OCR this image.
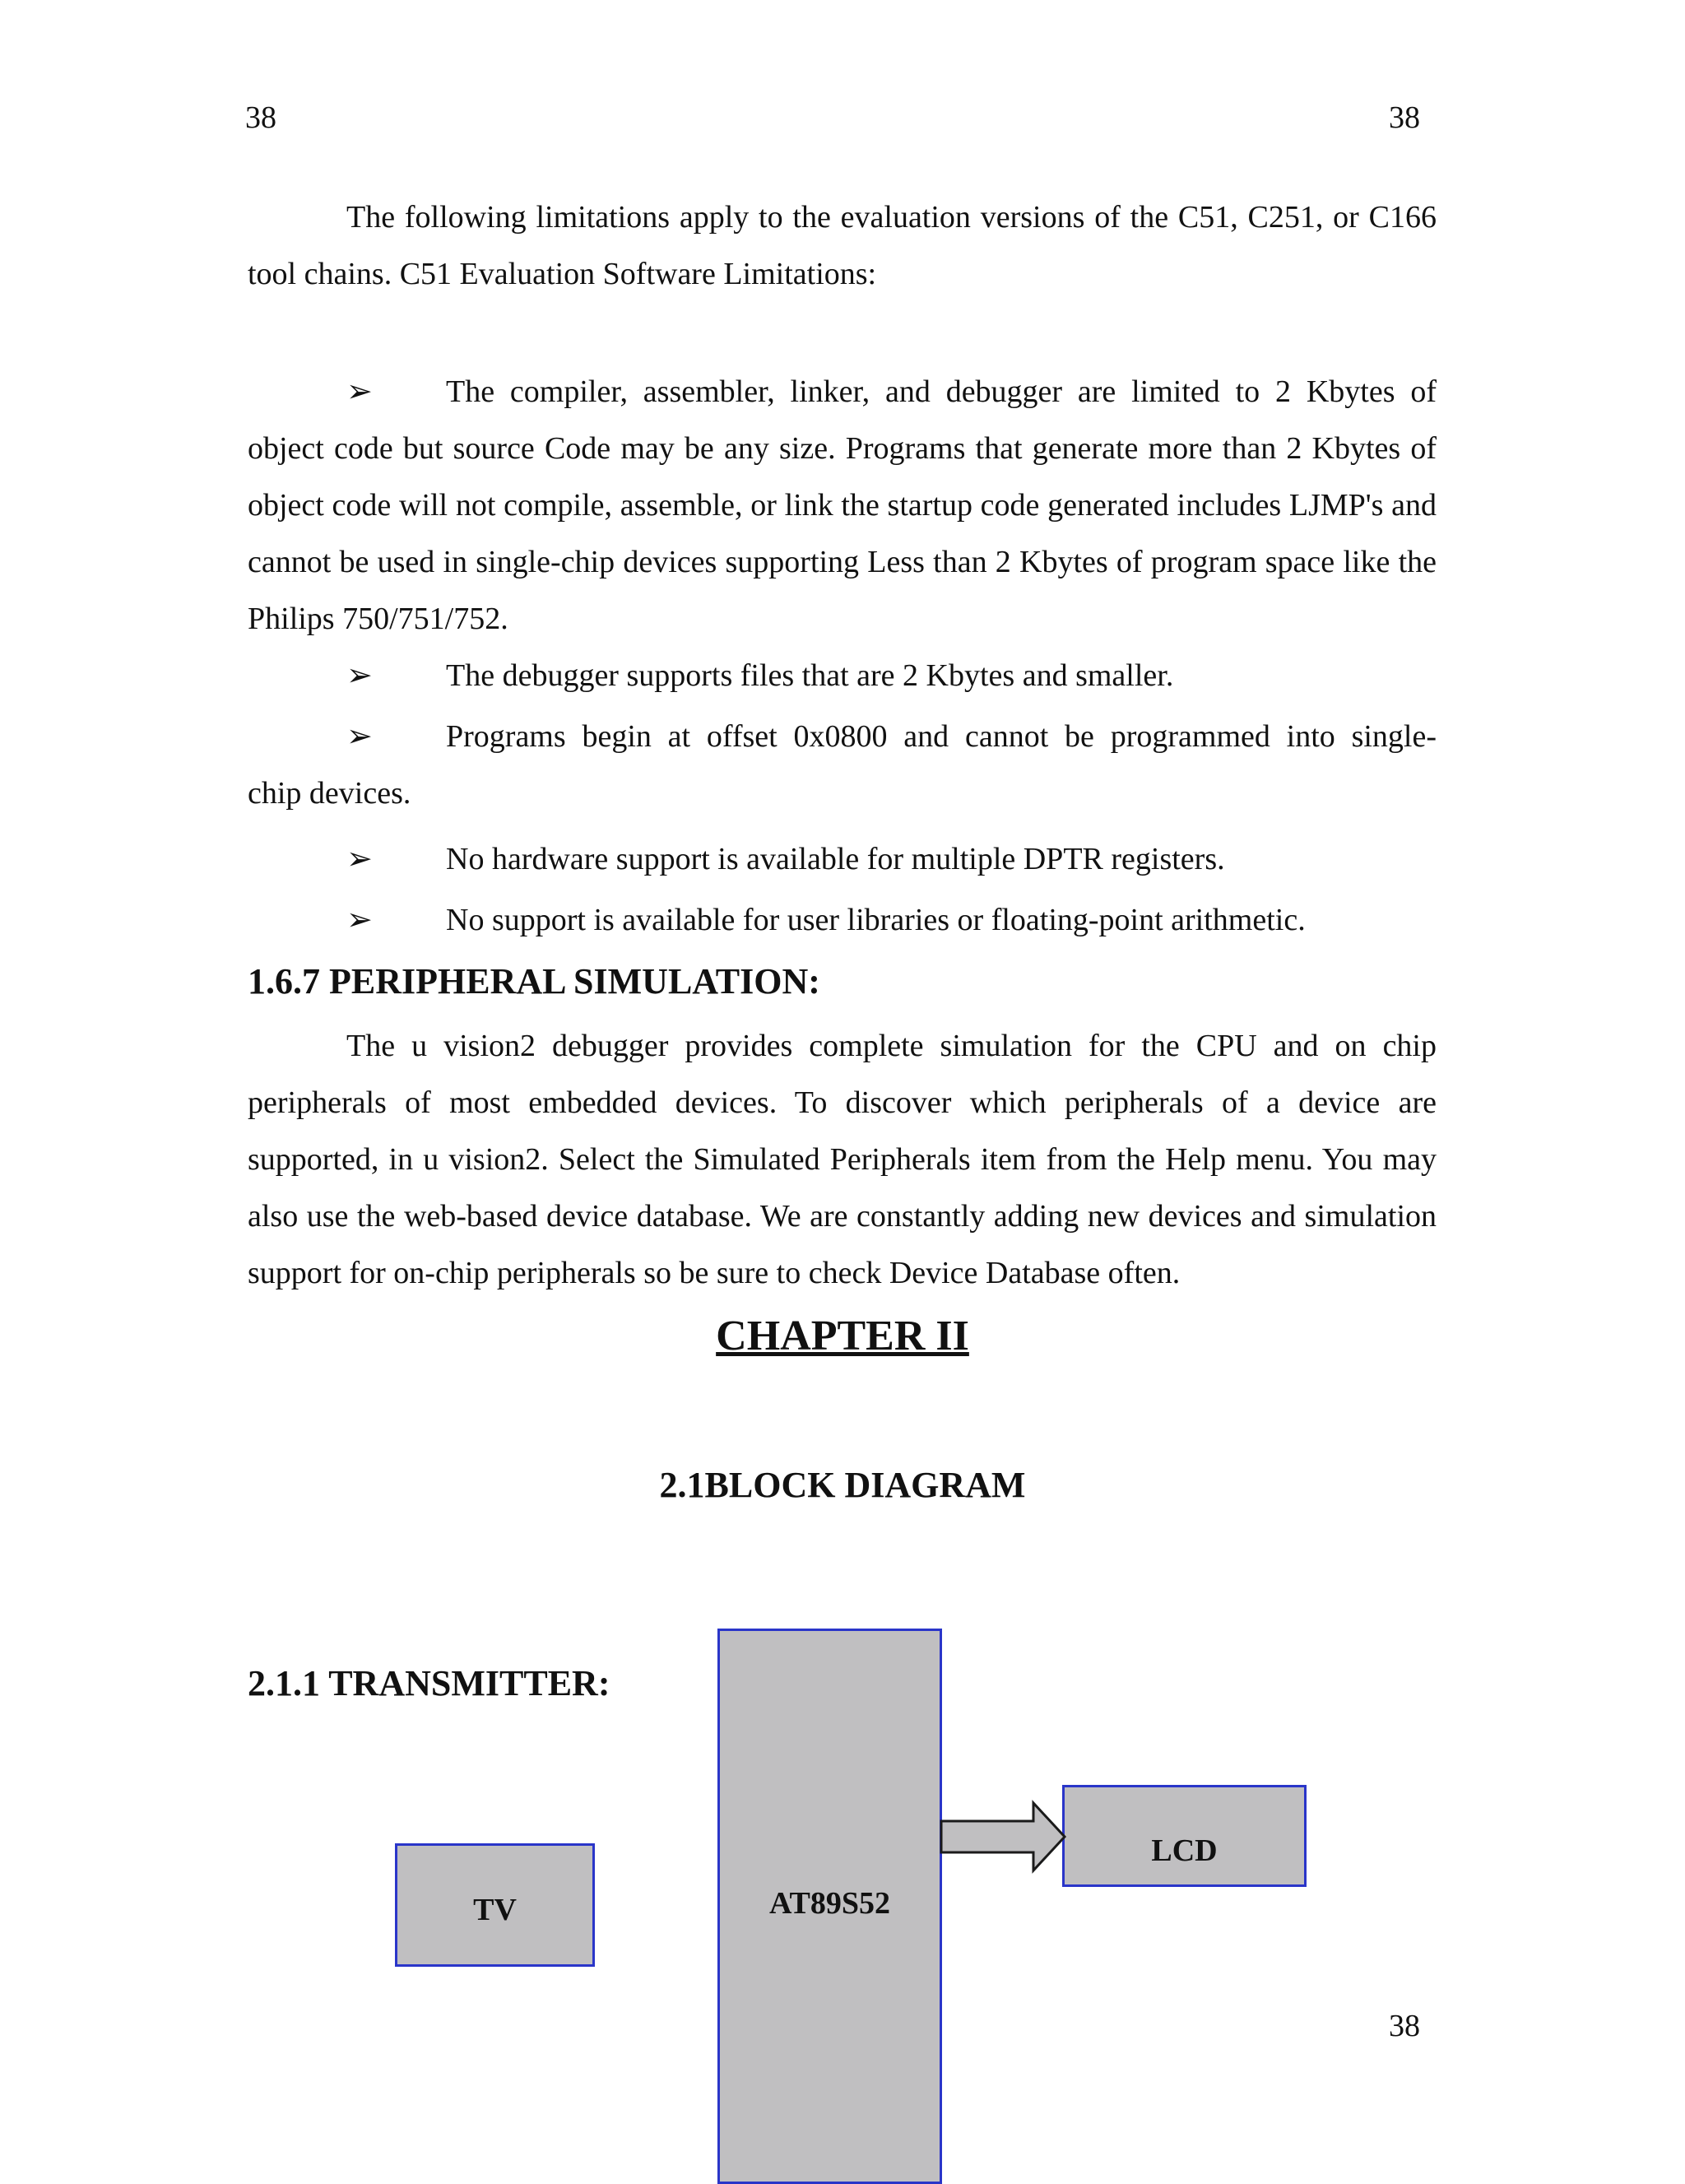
38	38
The following limitations apply to the evaluation versions of the C51, C251, or C166 tool chains. C51 Evaluation Software Limitations:
➢	The compiler, assembler, linker, and debugger are limited to 2 Kbytes of
object code but source Code may be any size. Programs that generate more than 2 Kbytes of object code will not compile, assemble, or link the startup code generated includes LJMP's and cannot be used in single-chip devices supporting Less than 2 Kbytes of program space like the Philips 750/751/752.
➢	The debugger supports files that are 2 Kbytes and smaller.
➢	Programs begin at offset 0x0800 and cannot be programmed into single-
chip devices.
➢	No hardware support is available for multiple DPTR registers.
➢	No support is available for user libraries or floating-point arithmetic.
1.6.7 PERIPHERAL SIMULATION:
The u vision2 debugger provides complete simulation for the CPU and on chip peripherals of most embedded devices. To discover which peripherals of a device are supported, in u vision2. Select the Simulated Peripherals item from the Help menu. You may also use the web-based device database. We are constantly adding new devices and simulation support for on-chip peripherals so be sure to check Device Database often.
CHAPTER II
2.1BLOCK DIAGRAM
2.1.1 TRANSMITTER:
AT89S52
TV
LCD
38
